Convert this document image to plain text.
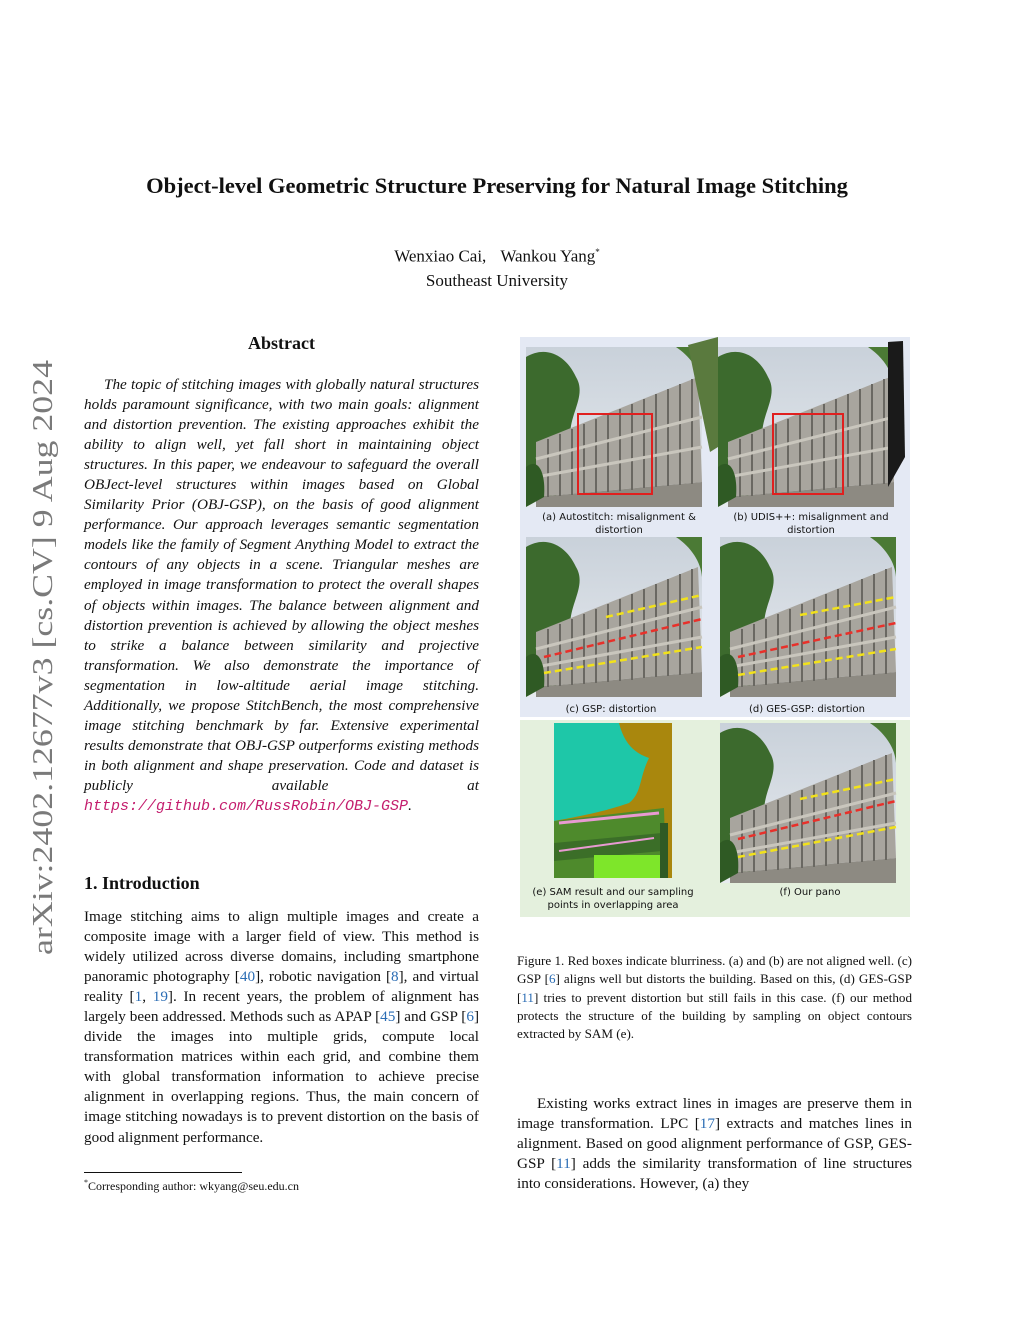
arXiv:2402.12677v3 [cs.CV] 9 Aug 2024
Object-level Geometric Structure Preserving for Natural Image Stitching
Wenxiao Cai, Wankou Yang*
Southeast University
Abstract

The topic of stitching images with globally natural structures holds paramount significance, with two main goals: alignment and distortion prevention. The existing approaches exhibit the ability to align well, yet fall short in maintaining object structures. In this paper, we endeavour to safeguard the overall OBJect-level structures within images based on Global Similarity Prior (OBJ-GSP), on the basis of good alignment performance. Our approach leverages semantic segmentation models like the family of Segment Anything Model to extract the contours of any objects in a scene. Triangular meshes are employed in image transformation to protect the overall shapes of objects within images. The balance between alignment and distortion prevention is achieved by allowing the object meshes to strike a balance between similarity and projective transformation. We also demonstrate the importance of segmentation in low-altitude aerial image stitching. Additionally, we propose StitchBench, the most comprehensive image stitching benchmark by far. Extensive experimental results demonstrate that OBJ-GSP outperforms existing methods in both alignment and shape preservation. Code and dataset is publicly available at https://github.com/RussRobin/OBJ-GSP.

1. Introduction

Image stitching aims to align multiple images and create a composite image with a larger field of view. This method is widely utilized across diverse domains, including smartphone panoramic photography [40], robotic navigation [8], and virtual reality [1, 19]. In recent years, the problem of alignment has largely been addressed. Methods such as APAP [45] and GSP [6] divide the images into multiple grids, compute local transformation matrices within each grid, and combine them with global transformation information to achieve precise alignment in overlapping regions. Thus, the main concern of image stitching nowadays is to prevent distortion on the basis of good alignment performance.

*Corresponding author: wkyang@seu.edu.cn
(a) Autostitch: misalignment &
distortion
(b) UDIS++: misalignment and
distortion
(c) GSP: distortion	(d) GES-GSP: distortion
(e) SAM result and our sampling
points in overlapping area
(f) Our pano

Figure 1. Red boxes indicate blurriness. (a) and (b) are not aligned well. (c) GSP [6] aligns well but distorts the building. Based on this, (d) GES-GSP [11] tries to prevent distortion but still fails in this case. (f) our method protects the structure of the building by sampling on object contours extracted by SAM (e).

Existing works extract lines in images are preserve them in image transformation. LPC [17] extracts and matches lines in alignment. Based on good alignment performance of GSP, GES-GSP [11] adds the similarity transformation of line structures into considerations. However, (a) they
